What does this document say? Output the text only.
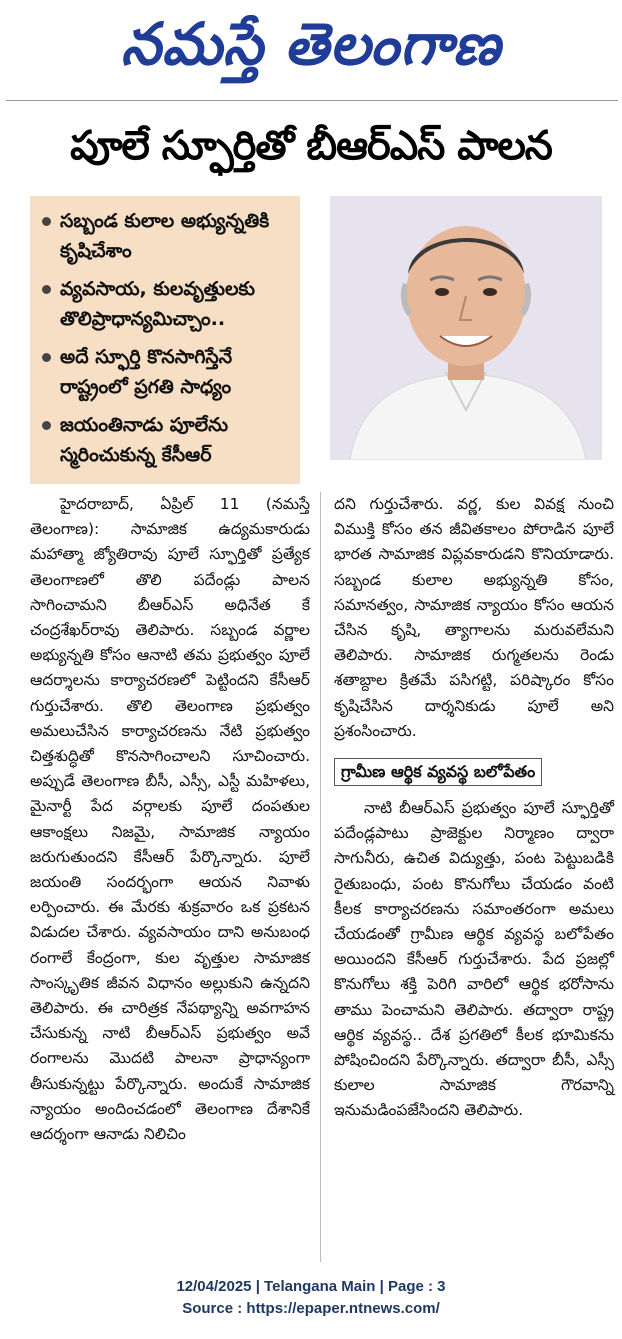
నమస్తే తెలంగాణ
పూలే స్ఫూర్తితో బీఆర్‌ఎస్‌ పాలన
సబ్బండ కులాల అభ్యున్నతికి కృషిచేశాం
వ్యవసాయ, కులవృత్తులకు తొలిప్రాధాన్యమిచ్చాం..
అదే స్ఫూర్తి కొనసాగిస్తేనే రాష్ట్రంలో ప్రగతి సాధ్యం
జయంతినాడు పూలేను స్మరించుకున్న కేసీఆర్‌

హైదరాబాద్‌, ఏప్రిల్‌ 11 (నమస్తే తెలంగాణ): సామాజిక ఉద్యమకారుడు మహాత్మా జ్యోతిరావు పూలే స్ఫూర్తితో ప్రత్యేక తెలంగాణలో తొలి పదేండ్లు పాలన సాగించామని బీఆర్‌ఎస్‌ అధినేత కే చంద్రశేఖర్‌రావు తెలిపారు. సబ్బండ వర్ణాల అభ్యున్నతి కోసం ఆనాటి తమ ప్రభుత్వం పూలే ఆదర్శాలను కార్యాచరణలో పెట్టిందని కేసీఆర్‌ గుర్తుచేశారు. తొలి తెలంగాణ ప్రభుత్వం అమలుచేసిన కార్యాచరణను నేటి ప్రభుత్వం చిత్తశుద్ధితో కొనసాగించాలని సూచించారు. అప్పుడే తెలంగాణ బీసీ, ఎస్సీ, ఎస్టీ మహిళలు, మైనార్టీ పేద వర్గాలకు పూలే దంపతుల ఆకాంక్షలు నిజమై, సామాజిక న్యాయం జరుగుతుందని కేసీఆర్‌ పేర్కొన్నారు. పూలే జయంతి సందర్భంగా ఆయన నివాళు లర్పించారు. ఈ మేరకు శుక్రవారం ఒక ప్రకటన విడుదల చేశారు. వ్యవసాయం దాని అనుబంధ రంగాలే కేంద్రంగా, కుల వృత్తుల సామాజిక సాంస్కృతిక జీవన విధానం అల్లుకుని ఉన్నదని తెలిపారు. ఈ చారిత్రక నేపథ్యాన్ని అవగాహన చేసుకున్న నాటి బీఆర్‌ఎస్‌ ప్రభుత్వం అవే రంగాలను మొదటి పాలనా ప్రాధాన్యంగా తీసుకున్నట్టు పేర్కొన్నారు. అందుకే సామాజిక న్యాయం అందించడంలో తెలంగాణ దేశానికే ఆదర్శంగా ఆనాడు నిలిచిం

దని గుర్తుచేశారు. వర్ణ, కుల వివక్ష నుంచి విముక్తి కోసం తన జీవితకాలం పోరాడిన పూలే భారత సామాజిక విప్లవకారుడని కొనియాడారు. సబ్బండ కులాల అభ్యున్నతి కోసం, సమానత్వం, సామాజిక న్యాయం కోసం ఆయన చేసిన కృషి, త్యాగాలను మరువలేమని తెలిపారు. సామాజిక రుగ్మతలను రెండు శతాబ్దాల క్రితమే పసిగట్టి, పరిష్కారం కోసం కృషిచేసిన దార్శనికుడు పూలే అని ప్రశంసించారు.

గ్రామీణ ఆర్థిక వ్యవస్థ బలోపేతం

నాటి బీఆర్‌ఎస్‌ ప్రభుత్వం పూలే స్ఫూర్తితో పదేండ్లపాటు ప్రాజెక్టుల నిర్మాణం ద్వారా సాగునీరు, ఉచిత విద్యుత్తు, పంట పెట్టుబడికి రైతుబంధు, పంట కొనుగోలు చేయడం వంటి కీలక కార్యాచరణను సమాంతరంగా అమలు చేయడంతో గ్రామీణ ఆర్థిక వ్యవస్థ బలోపేతం అయిందని కేసీఆర్‌ గుర్తుచేశారు. పేద ప్రజల్లో కొనుగోలు శక్తి పెరిగి వారిలో ఆర్థిక భరోసాను తాము పెంచామని తెలిపారు. తద్వారా రాష్ట్ర ఆర్థిక వ్యవస్థ.. దేశ ప్రగతిలో కీలక భూమికను పోషించిందని పేర్కొన్నారు. తద్వారా బీసీ, ఎస్సీ కులాల సామాజిక గౌరవాన్ని ఇనుమడింపజేసిందని తెలిపారు.

12/04/2025 | Telangana Main | Page : 3
Source : https://epaper.ntnews.com/
